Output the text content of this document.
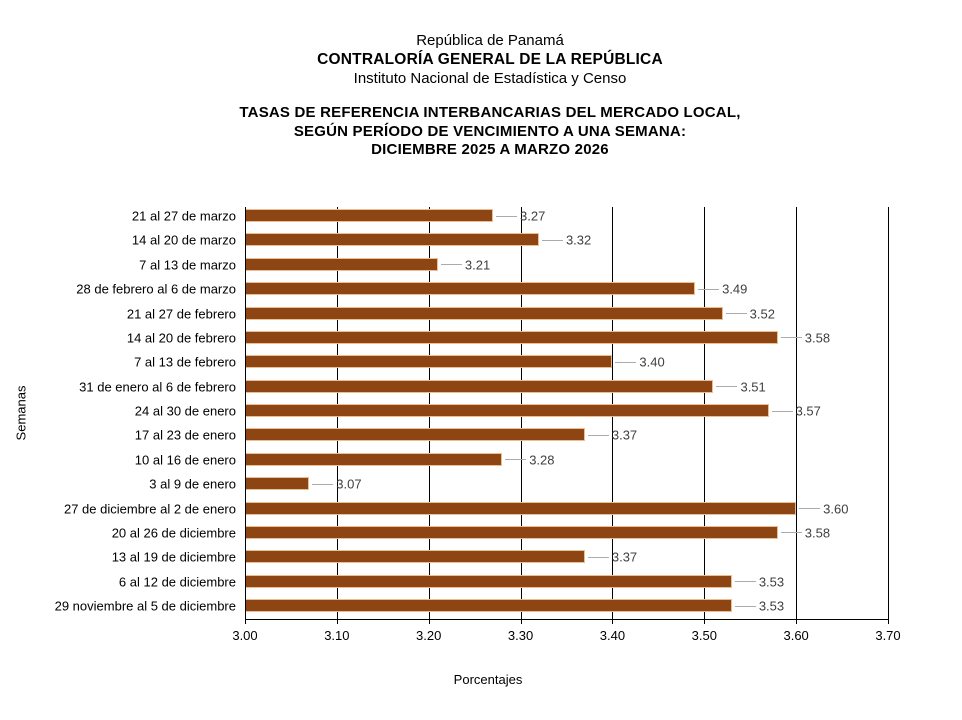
República de Panamá
CONTRALORÍA GENERAL DE LA REPÚBLICA
Instituto Nacional de Estadística y Censo
TASAS DE REFERENCIA INTERBANCARIAS DEL MERCADO LOCAL,
SEGÚN PERÍODO DE VENCIMIENTO A UNA SEMANA:
DICIEMBRE 2025 A MARZO 2026
Semanas
21 al 27 de marzo
14 al 20 de marzo
7 al 13 de marzo
28 de febrero al 6 de marzo
21 al 27 de febrero
14 al 20 de febrero
7 al 13 de febrero
31 de enero al 6 de febrero
24 al 30 de enero
17 al 23 de enero
10 al 16 de enero
3 al 9 de enero
27 de diciembre al 2 de enero
20 al 26 de diciembre
13 al 19 de diciembre
6 al 12 de diciembre
29 noviembre al 5 de diciembre
3.27
3.32
3.21
3.49
3.52
3.58
3.40
3.51
3.57
3.37
3.28
3.07
3.60
3.58
3.37
3.53
3.53
3.00	3.10	3.20	3.30	3.40	3.50	3.60	3.70
Porcentajes
